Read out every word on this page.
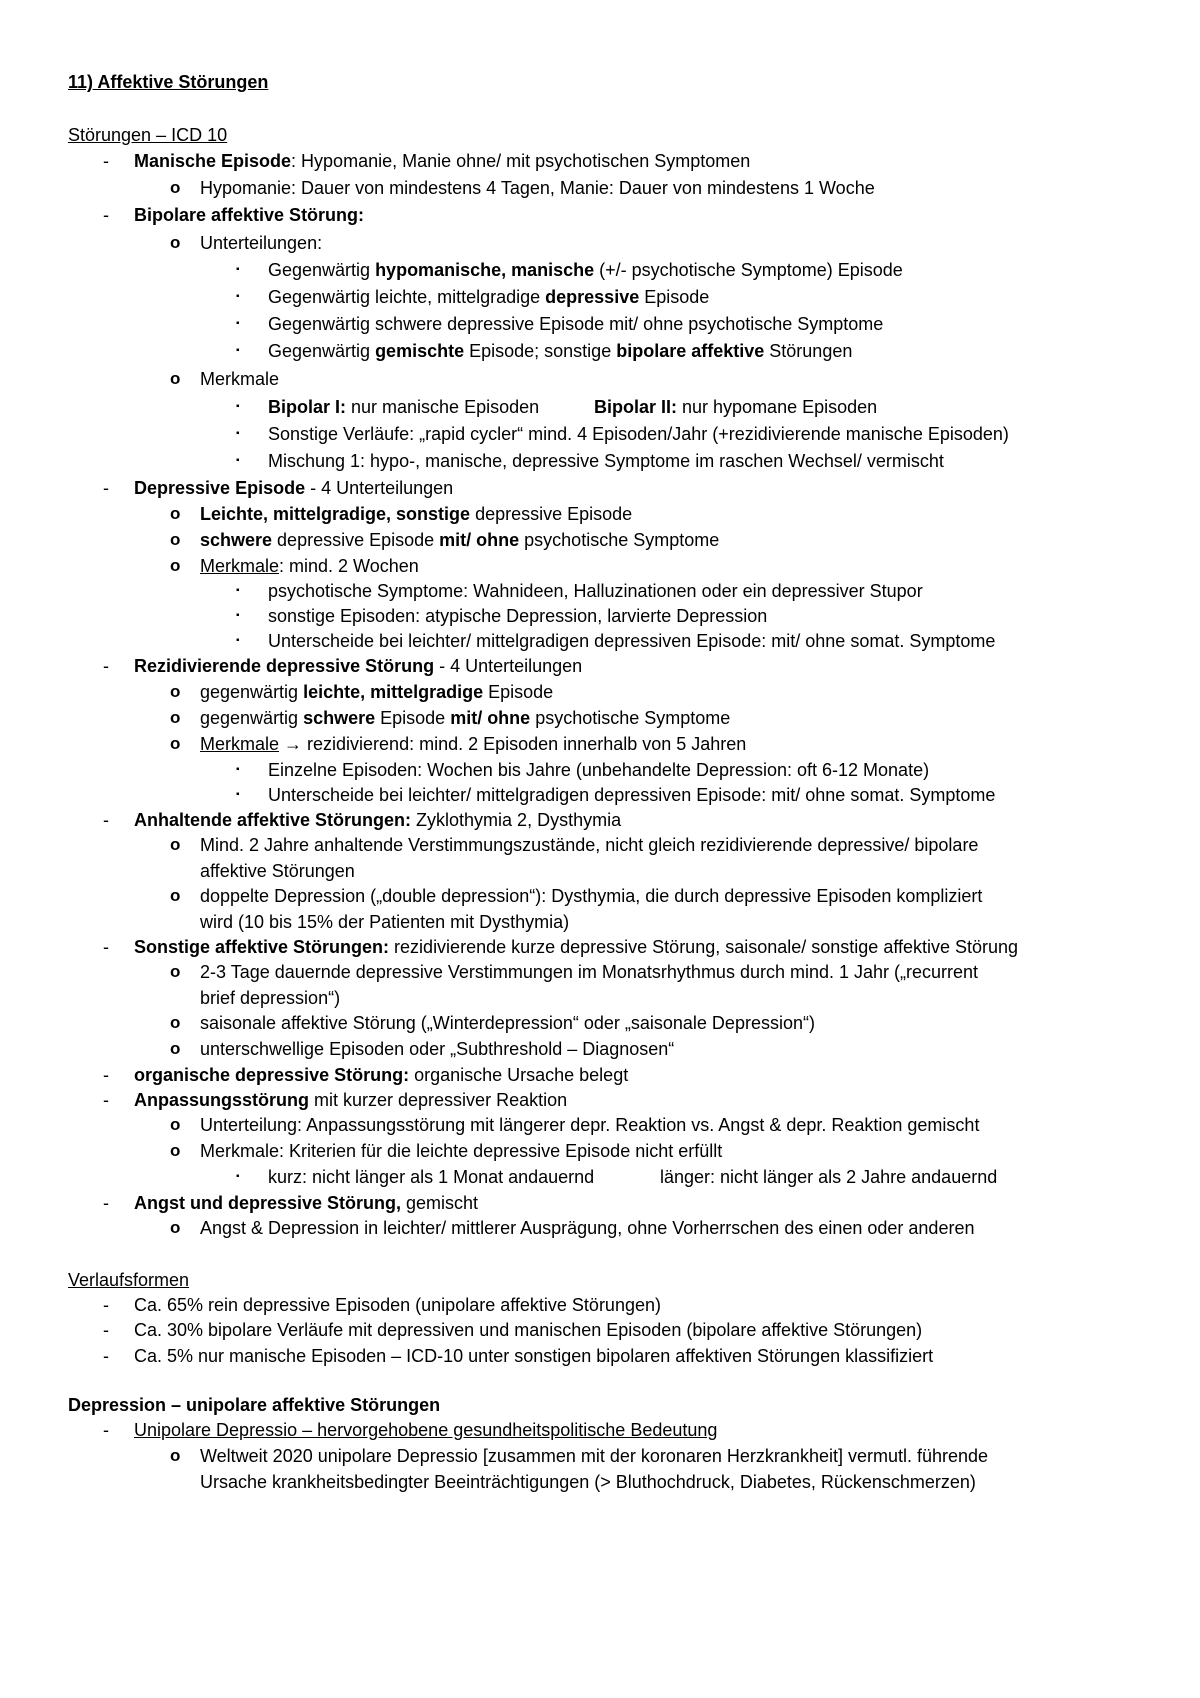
11) Affektive Störungen
Störungen – ICD 10
- Manische Episode: Hypomanie, Manie ohne/ mit psychotischen Symptomen
o Hypomanie: Dauer von mindestens 4 Tagen, Manie: Dauer von mindestens 1 Woche
- Bipolare affektive Störung:
o Unterteilungen:
▪ Gegenwärtig hypomanische, manische (+/- psychotische Symptome) Episode
▪ Gegenwärtig leichte, mittelgradige depressive Episode
▪ Gegenwärtig schwere depressive Episode mit/ ohne psychotische Symptome
▪ Gegenwärtig gemischte Episode; sonstige bipolare affektive Störungen
o Merkmale
▪ Bipolar I: nur manische Episoden	Bipolar II: nur hypomane Episoden
▪ Sonstige Verläufe: „rapid cycler“ mind. 4 Episoden/Jahr (+rezidivierende manische Episoden)
▪ Mischung 1: hypo-, manische, depressive Symptome im raschen Wechsel/ vermischt
- Depressive Episode - 4 Unterteilungen
o Leichte, mittelgradige, sonstige depressive Episode
o schwere depressive Episode mit/ ohne psychotische Symptome
o Merkmale: mind. 2 Wochen
▪ psychotische Symptome: Wahnideen, Halluzinationen oder ein depressiver Stupor
▪ sonstige Episoden: atypische Depression, larvierte Depression
▪ Unterscheide bei leichter/ mittelgradigen depressiven Episode: mit/ ohne somat. Symptome
- Rezidivierende depressive Störung - 4 Unterteilungen
o gegenwärtig leichte, mittelgradige Episode
o gegenwärtig schwere Episode mit/ ohne psychotische Symptome
o Merkmale → rezidivierend: mind. 2 Episoden innerhalb von 5 Jahren
▪ Einzelne Episoden: Wochen bis Jahre (unbehandelte Depression: oft 6-12 Monate)
▪ Unterscheide bei leichter/ mittelgradigen depressiven Episode: mit/ ohne somat. Symptome
- Anhaltende affektive Störungen: Zyklothymia 2, Dysthymia
o Mind. 2 Jahre anhaltende Verstimmungszustände, nicht gleich rezidivierende depressive/ bipolare
affektive Störungen
o doppelte Depression („double depression“): Dysthymia, die durch depressive Episoden kompliziert
wird (10 bis 15% der Patienten mit Dysthymia)
- Sonstige affektive Störungen: rezidivierende kurze depressive Störung, saisonale/ sonstige affektive Störung
o 2-3 Tage dauernde depressive Verstimmungen im Monatsrhythmus durch mind. 1 Jahr („recurrent
brief depression“)
o saisonale affektive Störung („Winterdepression“ oder „saisonale Depression“)
o unterschwellige Episoden oder „Subthreshold – Diagnosen“
- organische depressive Störung: organische Ursache belegt
- Anpassungsstörung mit kurzer depressiver Reaktion
o Unterteilung: Anpassungsstörung mit längerer depr. Reaktion vs. Angst & depr. Reaktion gemischt
o Merkmale: Kriterien für die leichte depressive Episode nicht erfüllt
▪ kurz: nicht länger als 1 Monat andauernd	länger: nicht länger als 2 Jahre andauernd
- Angst und depressive Störung, gemischt
o Angst & Depression in leichter/ mittlerer Ausprägung, ohne Vorherrschen des einen oder anderen
Verlaufsformen
- Ca. 65% rein depressive Episoden (unipolare affektive Störungen)
- Ca. 30% bipolare Verläufe mit depressiven und manischen Episoden (bipolare affektive Störungen)
- Ca. 5% nur manische Episoden – ICD-10 unter sonstigen bipolaren affektiven Störungen klassifiziert
Depression – unipolare affektive Störungen
- Unipolare Depressio – hervorgehobene gesundheitspolitische Bedeutung
o Weltweit 2020 unipolare Depressio [zusammen mit der koronaren Herzkrankheit] vermutl. führende
Ursache krankheitsbedingter Beeinträchtigungen (> Bluthochdruck, Diabetes, Rückenschmerzen)
